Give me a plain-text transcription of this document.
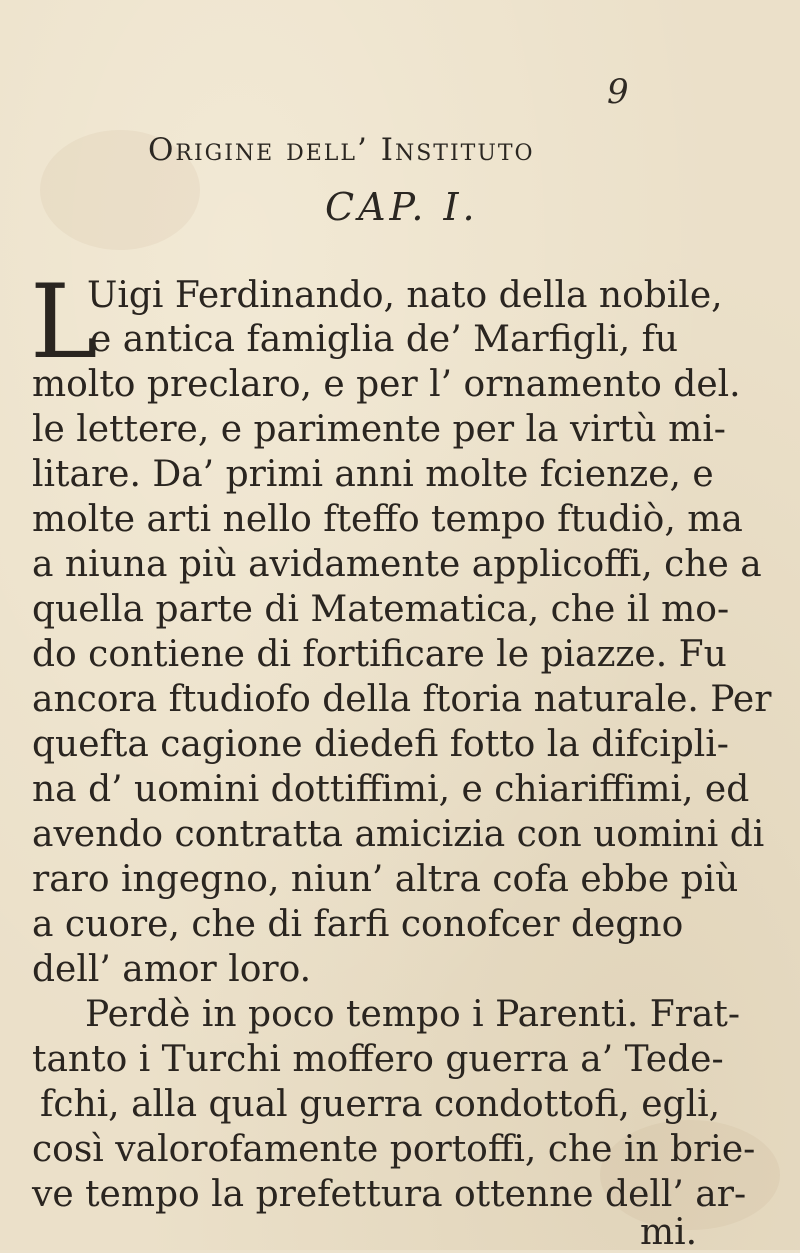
9
Origine dell’ Instituto
CAP. I.
L
Uigi Ferdinando, nato della nobile,
e antica famiglia de’ Marfigli, fu
molto preclaro, e per l’ ornamento del.
le lettere, e parimente per la virtù mi-
litare. Da’ primi anni molte fcienze, e
molte arti nello fteffo tempo ftudiò, ma
a niuna più avidamente applicoffi, che a
quella parte di Matematica, che il mo-
do contiene di fortificare le piazze. Fu
ancora ftudiofo della ftoria naturale. Per
quefta cagione diedefi fotto la difcipli-
na d’ uomini dottiffimi, e chiariffimi, ed
avendo contratta amicizia con uomini di
raro ingegno, niun’ altra cofa ebbe più
a cuore, che di farfi conofcer degno
dell’ amor loro.
Perdè in poco tempo i Parenti. Frat-
tanto i Turchi moffero guerra a’ Tede-
fchi, alla qual guerra condottofi, egli,
così valorofamente portoffi, che in brie-
ve tempo la prefettura ottenne dell’ ar-
mi.
